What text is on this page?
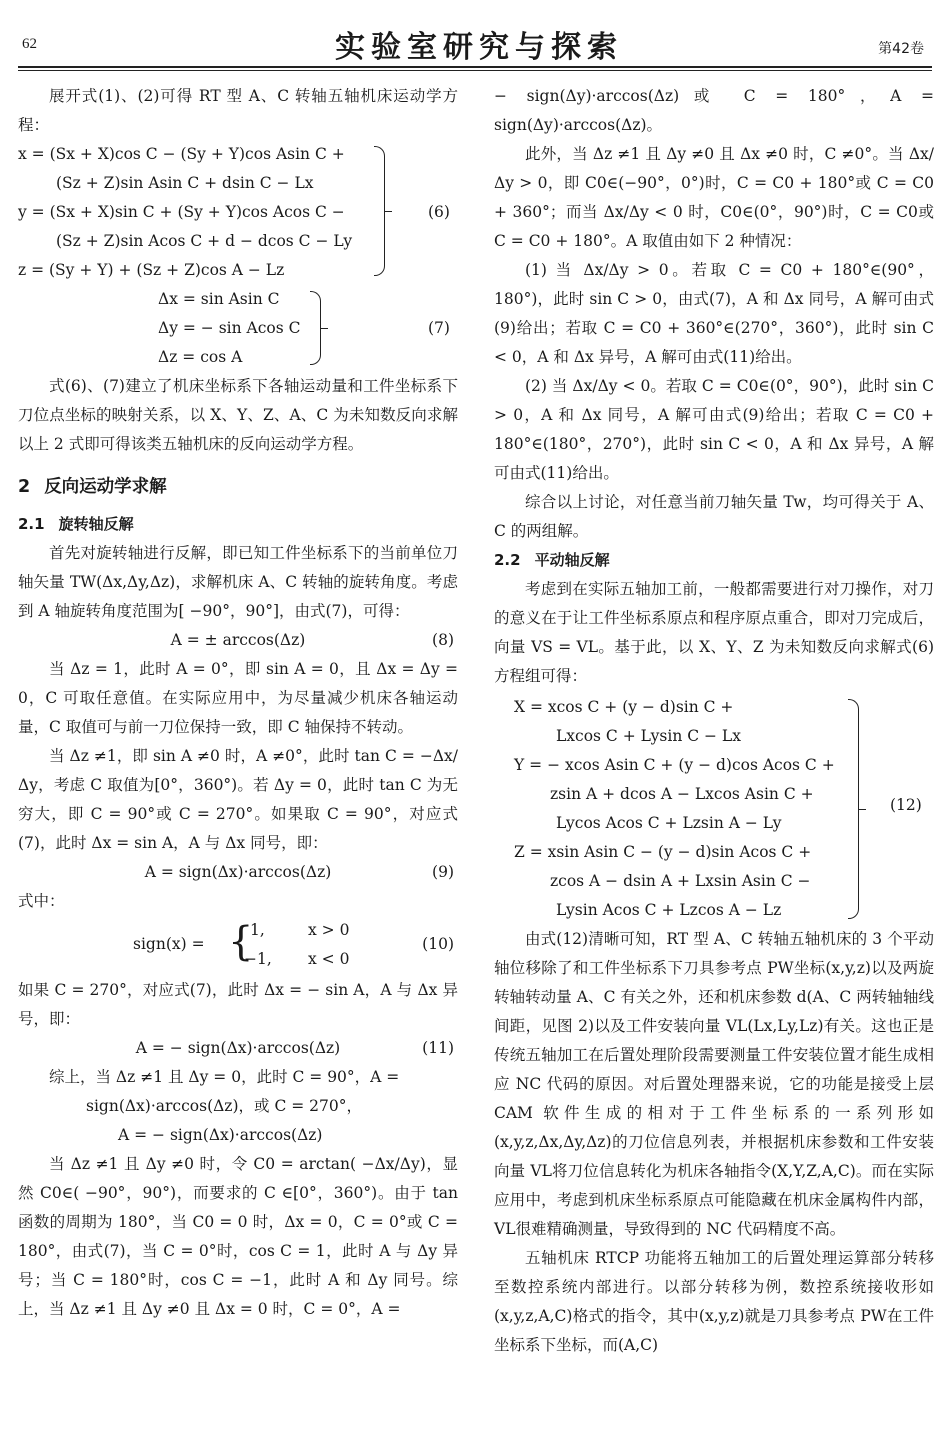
62	实验室研究与探索	第42卷

展开式(1)、(2)可得 RT 型 A、C 转轴五轴机床运动学方程：

x = (Sx + X)cos C − (Sy + Y)cos Asin C +

(Sz + Z)sin Asin C + dsin C − Lx

y = (Sx + X)sin C + (Sy + Y)cos Acos C −

(Sz + Z)sin Acos C + d − dcos C − Ly

z = (Sy + Y) + (Sz + Z)cos A − Lz

(6)

Δx = sin Asin C

Δy = − sin Acos C

Δz = cos A

(7)

式(6)、(7)建立了机床坐标系下各轴运动量和工件坐标系下刀位点坐标的映射关系，以 X、Y、Z、A、C 为未知数反向求解以上 2 式即可得该类五轴机床的反向运动学方程。

2 反向运动学求解
2.1 旋转轴反解

首先对旋转轴进行反解，即已知工件坐标系下的当前单位刀轴矢量 TW(Δx,Δy,Δz)，求解机床 A、C 转轴的旋转角度。考虑到 A 轴旋转角度范围为[ −90°，90°]，由式(7)，可得：

A = ± arccos(Δz)	(8)

当 Δz = 1，此时 A = 0°，即 sin A = 0，且 Δx = Δy = 0，C 可取任意值。在实际应用中，为尽量减少机床各轴运动量，C 取值可与前一刀位保持一致，即 C 轴保持不转动。

当 Δz ≠1，即 sin A ≠0 时，A ≠0°，此时 tan C = −Δx/Δy，考虑 C 取值为[0°，360°)。若 Δy = 0，此时 tan C 为无穷大，即 C = 90°或 C = 270°。如果取 C = 90°，对应式(7)，此时 Δx = sin A，A 与 Δx 同号，即：

A = sign(Δx)·arccos(Δz)	(9)

式中：

sign(x) = {
1,	x > 0
−1, x < 0
(10)

如果 C = 270°，对应式(7)，此时 Δx = − sin A，A 与 Δx 异号，即：

A = − sign(Δx)·arccos(Δz)	(11)

综上，当 Δz ≠1 且 Δy = 0，此时 C = 90°，A =

sign(Δx)·arccos(Δz)，或 C = 270°，

A = − sign(Δx)·arccos(Δz)

当 Δz ≠1 且 Δy ≠0 时，令 C0 = arctan( −Δx/Δy)，显然 C0∈( −90°，90°)，而要求的 C ∈[0°，360°)。由于 tan 函数的周期为 180°，当 C0 = 0 时，Δx = 0，C = 0°或 C = 180°，由式(7)，当 C = 0°时，cos C = 1，此时 A 与 Δy 异号；当 C = 180°时，cos C = −1，此时 A 和 Δy 同号。综上，当 Δz ≠1 且 Δy ≠0 且 Δx = 0 时，C = 0°，A =

− sign(Δy)·arccos(Δz)或 C = 180°，A = sign(Δy)·arccos(Δz)。

此外，当 Δz ≠1 且 Δy ≠0 且 Δx ≠0 时，C ≠0°。当 Δx/Δy > 0，即 C0∈(−90°，0°)时，C = C0 + 180°或 C = C0 + 360°；而当 Δx/Δy < 0 时，C0∈(0°，90°)时，C = C0或 C = C0 + 180°。A 取值由如下 2 种情况：

(1) 当 Δx/Δy > 0。若取 C = C0 + 180°∈(90°，180°)，此时 sin C > 0，由式(7)，A 和 Δx 同号，A 解可由式(9)给出；若取 C = C0 + 360°∈(270°，360°)，此时 sin C < 0，A 和 Δx 异号，A 解可由式(11)给出。

(2) 当 Δx/Δy < 0。若取 C = C0∈(0°，90°)，此时 sin C > 0，A 和 Δx 同号，A 解可由式(9)给出；若取 C = C0 + 180°∈(180°，270°)，此时 sin C < 0，A 和 Δx 异号，A 解可由式(11)给出。

综合以上讨论，对任意当前刀轴矢量 Tw，均可得关于 A、C 的两组解。

2.2 平动轴反解

考虑到在实际五轴加工前，一般都需要进行对刀操作，对刀的意义在于让工件坐标系原点和程序原点重合，即对刀完成后，向量 VS = VL。基于此，以 X、Y、Z 为未知数反向求解式(6)方程组可得：

X = xcos C + (y − d)sin C +

Lxcos C + Lysin C − Lx

Y = − xcos Asin C + (y − d)cos Acos C +

zsin A + dcos A − Lxcos Asin C +

Lycos Acos C + Lzsin A − Ly

Z = xsin Asin C − (y − d)sin Acos C +

zcos A − dsin A + Lxsin Asin C −

Lysin Acos C + Lzcos A − Lz

(12)

由式(12)清晰可知，RT 型 A、C 转轴五轴机床的 3 个平动轴位移除了和工件坐标系下刀具参考点 PW坐标(x,y,z)以及两旋转轴转动量 A、C 有关之外，还和机床参数 d(A、C 两转轴轴线间距，见图 2)以及工件安装向量 VL(Lx,Ly,Lz)有关。这也正是传统五轴加工在后置处理阶段需要测量工件安装位置才能生成相应 NC 代码的原因。对后置处理器来说，它的功能是接受上层 CAM 软件生成的相对于工件坐标系的一系列形如(x,y,z,Δx,Δy,Δz)的刀位信息列表，并根据机床参数和工件安装向量 VL将刀位信息转化为机床各轴指令(X,Y,Z,A,C)。而在实际应用中，考虑到机床坐标系原点可能隐藏在机床金属构件内部，VL很难精确测量，导致得到的 NC 代码精度不高。

五轴机床 RTCP 功能将五轴加工的后置处理运算部分转移至数控系统内部进行。以部分转移为例，数控系统接收形如(x,y,z,A,C)格式的指令，其中(x,y,z)就是刀具参考点 PW在工件坐标系下坐标，而(A,C)
